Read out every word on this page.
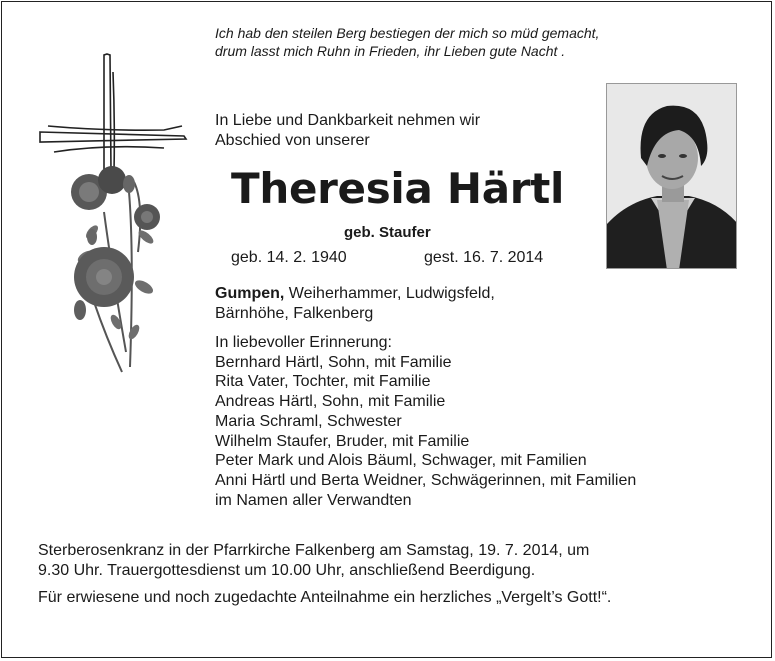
Ich hab den steilen Berg bestiegen der mich so müd gemacht,
drum lasst mich Ruhn in Frieden, ihr Lieben gute Nacht .
In Liebe und Dankbarkeit nehmen wir
Abschied von unserer
Theresia Härtl
geb. Staufer
geb. 14. 2. 1940	gest. 16. 7. 2014
Gumpen, Weiherhammer, Ludwigsfeld,
Bärnhöhe, Falkenberg
In liebevoller Erinnerung:
Bernhard Härtl, Sohn, mit Familie
Rita Vater, Tochter, mit Familie
Andreas Härtl, Sohn, mit Familie
Maria Schraml, Schwester
Wilhelm Staufer, Bruder, mit Familie
Peter Mark und Alois Bäuml, Schwager, mit Familien
Anni Härtl und Berta Weidner, Schwägerinnen, mit Familien
im Namen aller Verwandten
Sterberosenkranz in der Pfarrkirche Falkenberg am Samstag, 19. 7. 2014, um
9.30 Uhr. Trauergottesdienst um 10.00 Uhr, anschließend Beerdigung.
Für erwiesene und noch zugedachte Anteilnahme ein herzliches „Vergelt’s Gott!“.
